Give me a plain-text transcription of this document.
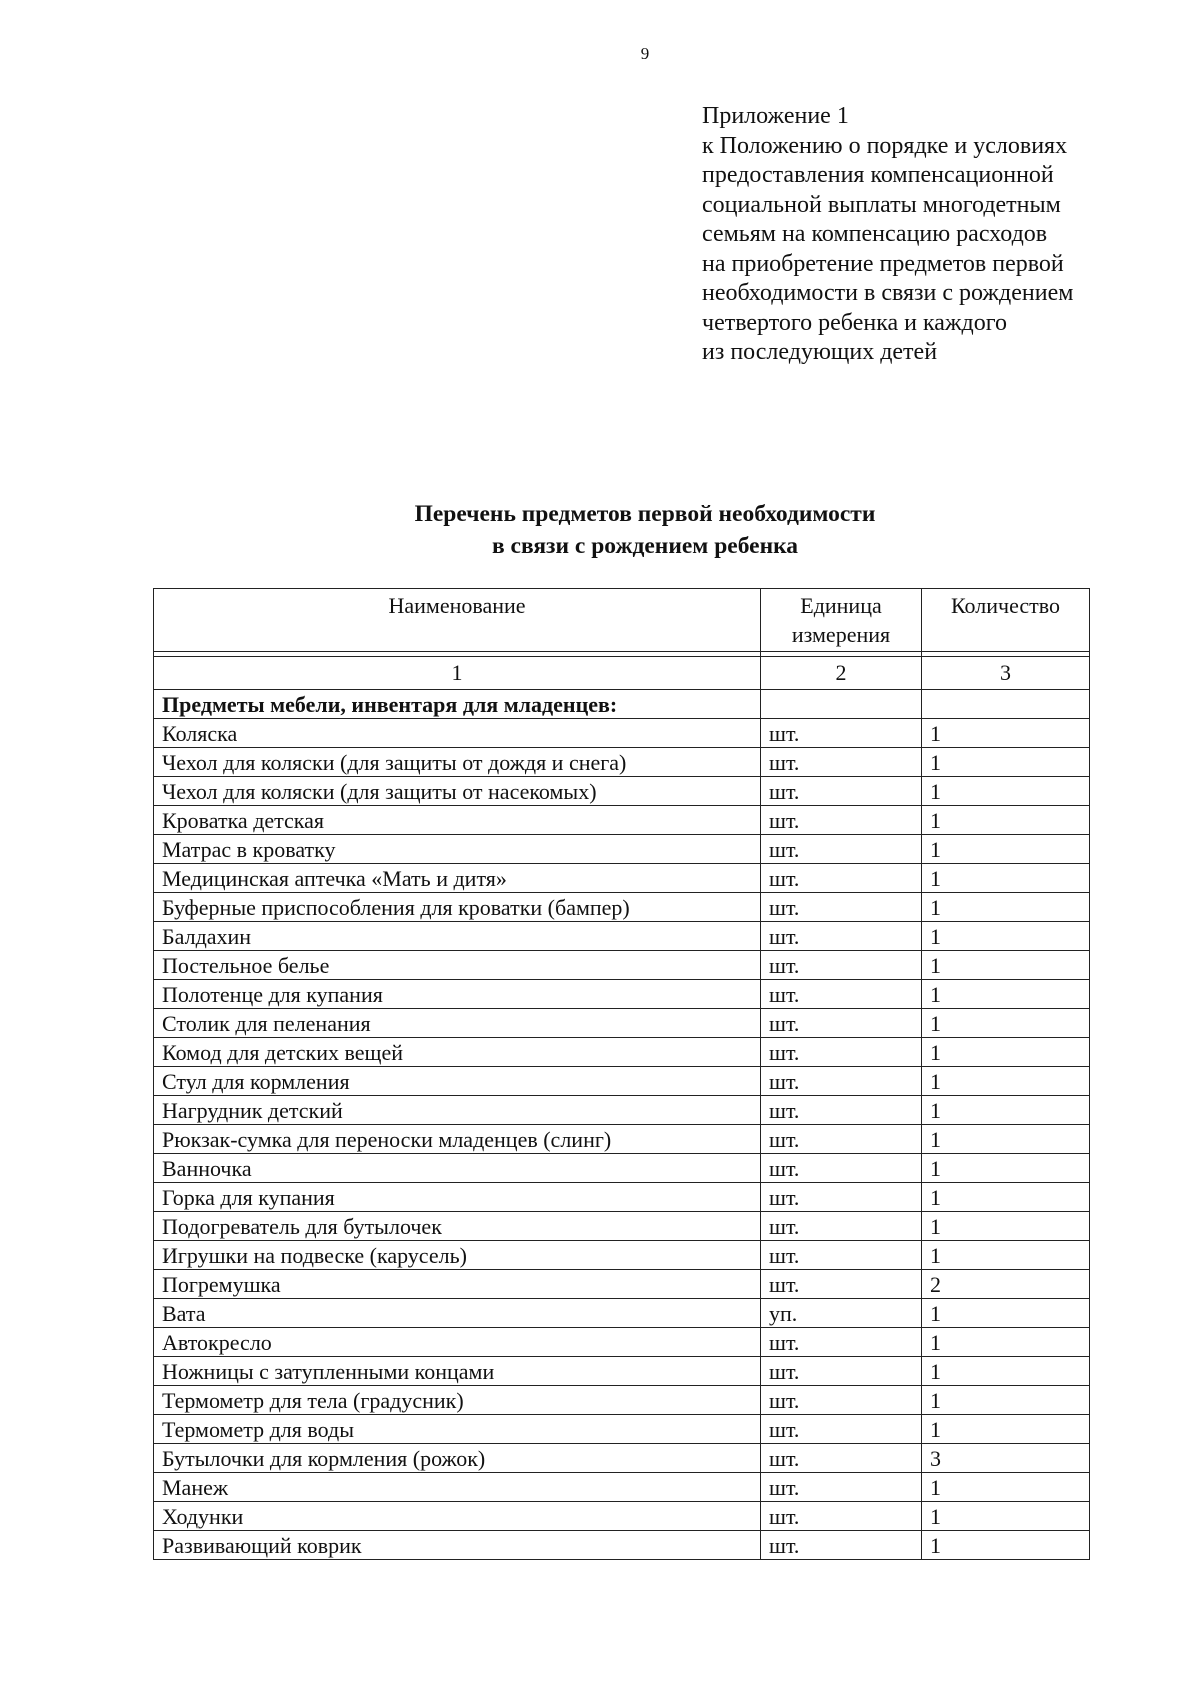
9
Приложение 1
к Положению о порядке и условиях
предоставления компенсационной
социальной выплаты многодетным
семьям на компенсацию расходов
на приобретение предметов первой
необходимости в связи с рождением
четвертого ребенка и каждого
из последующих детей
Перечень предметов первой необходимости
в связи с рождением ребенка
Наименование	Единица измерения	Количество

1	2	3
Предметы мебели, инвентаря для младенцев:		
Коляска	шт.	1
Чехол для коляски (для защиты от дождя и снега)	шт.	1
Чехол для коляски (для защиты от насекомых)	шт.	1
Кроватка детская	шт.	1
Матрас в кроватку	шт.	1
Медицинская аптечка «Мать и дитя»	шт.	1
Буферные приспособления для кроватки (бампер)	шт.	1
Балдахин	шт.	1
Постельное белье	шт.	1
Полотенце для купания	шт.	1
Столик для пеленания	шт.	1
Комод для детских вещей	шт.	1
Стул для кормления	шт.	1
Нагрудник детский	шт.	1
Рюкзак-сумка для переноски младенцев (слинг)	шт.	1
Ванночка	шт.	1
Горка для купания	шт.	1
Подогреватель для бутылочек	шт.	1
Игрушки на подвеске (карусель)	шт.	1
Погремушка	шт.	2
Вата	уп.	1
Автокресло	шт.	1
Ножницы с затупленными концами	шт.	1
Термометр для тела (градусник)	шт.	1
Термометр для воды	шт.	1
Бутылочки для кормления (рожок)	шт.	3
Манеж	шт.	1
Ходунки	шт.	1
Развивающий коврик	шт.	1
